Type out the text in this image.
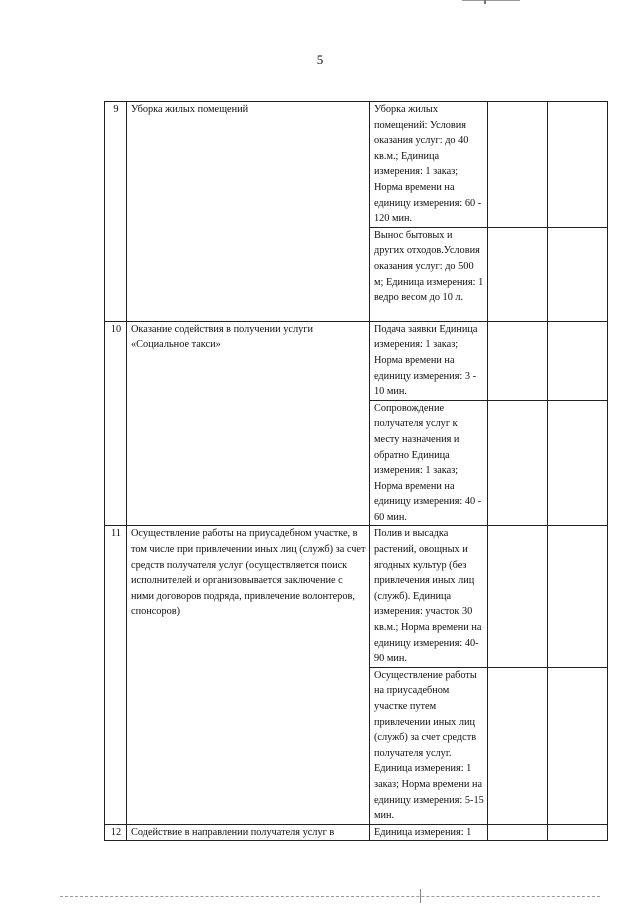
5
9	Уборка жилых помещений	Уборка жилых помещений: Условия оказания услуг: до 40 кв.м.; Единица измерения: 1 заказ; Норма времени на единицу измерения: 60 - 120 мин.		
		Вынос бытовых и других отходов.Условия оказания услуг: до 500 м; Единица измерения: 1 ведро весом до 10 л.		
10	Оказание содействия в получении услуги «Социальное такси»	Подача заявки Единица измерения: 1 заказ; Норма времени на единицу измерения: 3 - 10 мин.		
		Сопровождение получателя услуг к месту назначения и обратно Единица измерения: 1 заказ; Норма времени на единицу измерения: 40 - 60 мин.		
11	Осуществление работы на приусадебном участке, в том числе при привлечении иных лиц (служб) за счет средств получателя услуг (осуществляется поиск исполнителей и организовывается заключение с ними договоров подряда, привлечение волонтеров, спонсоров)	Полив и высадка растений, овощных и ягодных культур (без привлечения иных лиц (служб). Единица измерения: участок 30 кв.м.; Норма времени на единицу измерения: 40-90 мин.		
		Осуществление работы на приусадебном участке путем привлечении иных лиц (служб) за счет средств получателя услуг. Единица измерения: 1 заказ; Норма времени на единицу измерения: 5-15 мин.		
12	Содействие в направлении получателя услуг в	Единица измерения: 1		
